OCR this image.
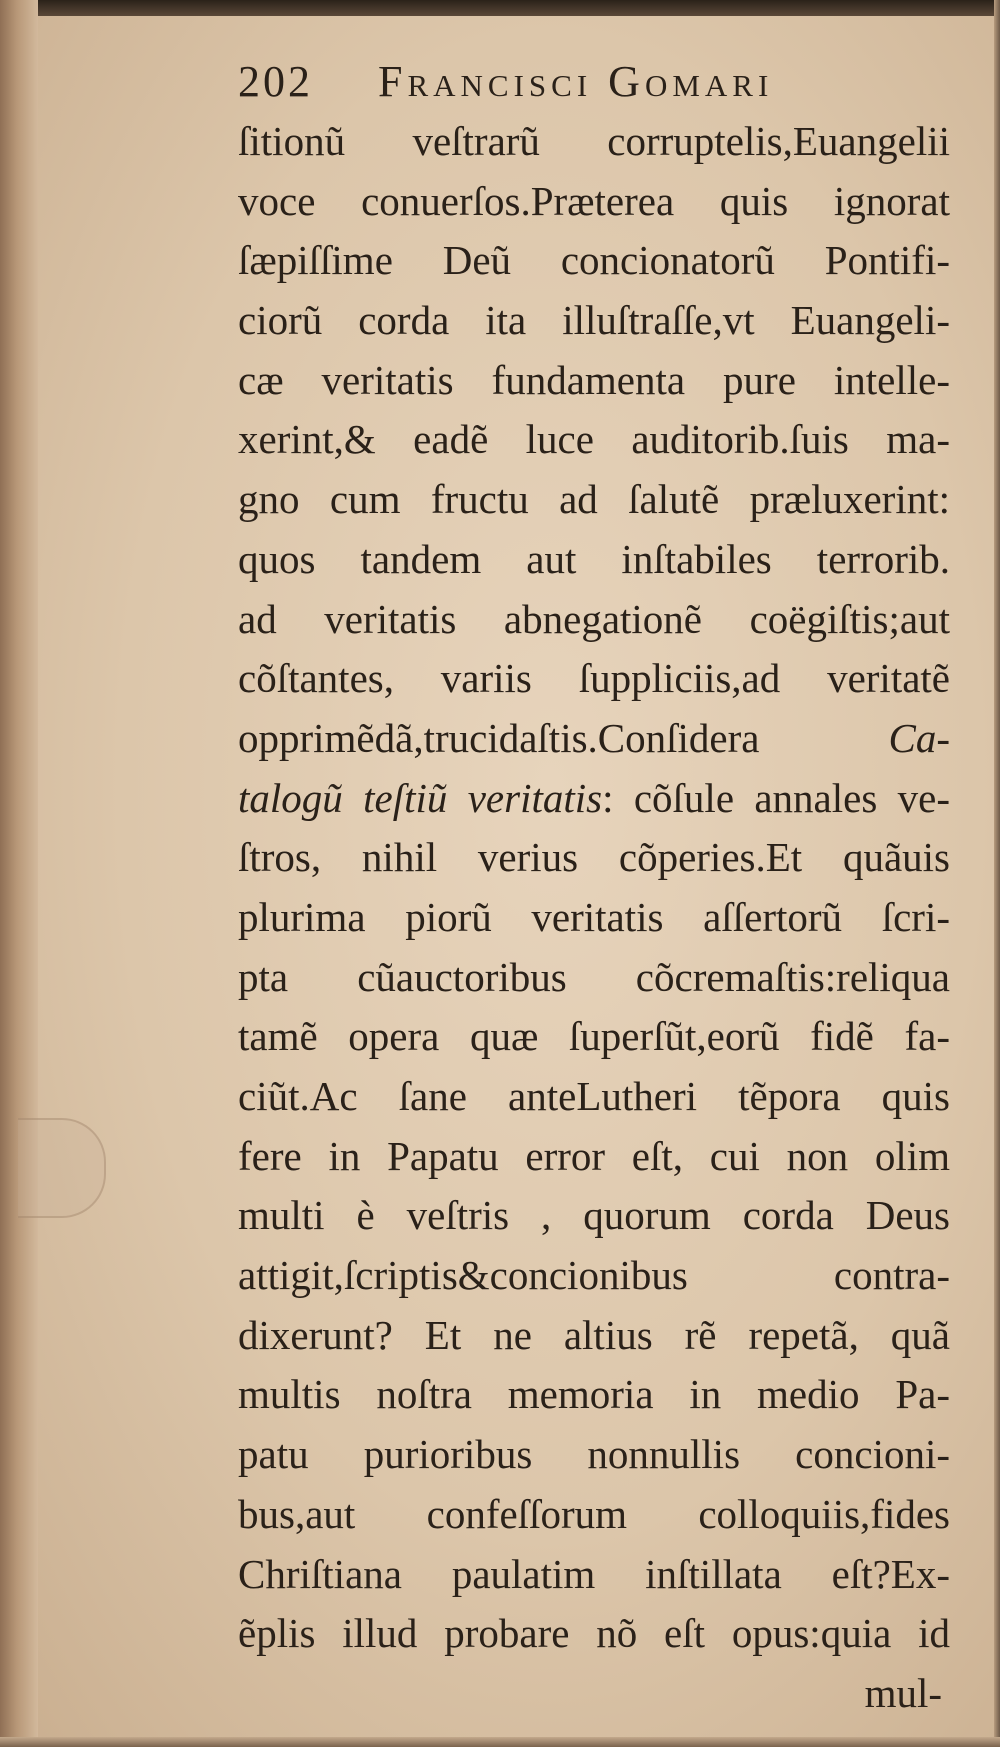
202 Francisci Gomari
ſitionũ veſtrarũ corruptelis,Euangelii
voce conuerſos.Præterea quis ignorat
ſæpiſſime Deũ concionatorũ Pontifi-
ciorũ corda ita illuſtraſſe,vt Euangeli-
cæ veritatis fundamenta pure intelle-
xerint,& eadẽ luce auditorib.ſuis ma-
gno cum fructu ad ſalutẽ præluxerint:
quos tandem aut inſtabiles terrorib.
ad veritatis abnegationẽ coëgiſtis;aut
cõſtantes, variis ſuppliciis,ad veritatẽ
opprimẽdã,trucidaſtis.Conſidera Ca-
talogũ teſtiũ veritatis: cõſule annales ve-
ſtros, nihil verius cõperies.Et quãuis
plurima piorũ veritatis aſſertorũ ſcri-
pta cũauctoribus cõcremaſtis:reliqua
tamẽ opera quæ ſuperſũt,eorũ fidẽ fa-
ciũt.Ac ſane anteLutheri tẽpora quis
fere in Papatu error eſt, cui non olim
multi è veſtris , quorum corda Deus
attigit,ſcriptis&concionibus contra-
dixerunt? Et ne altius rẽ repetã, quã
multis noſtra memoria in medio Pa-
patu purioribus nonnullis concioni-
bus,aut confeſſorum colloquiis,fides
Chriſtiana paulatim inſtillata eſt?Ex-
ẽplis illud probare nõ eſt opus:quia id
mul-
